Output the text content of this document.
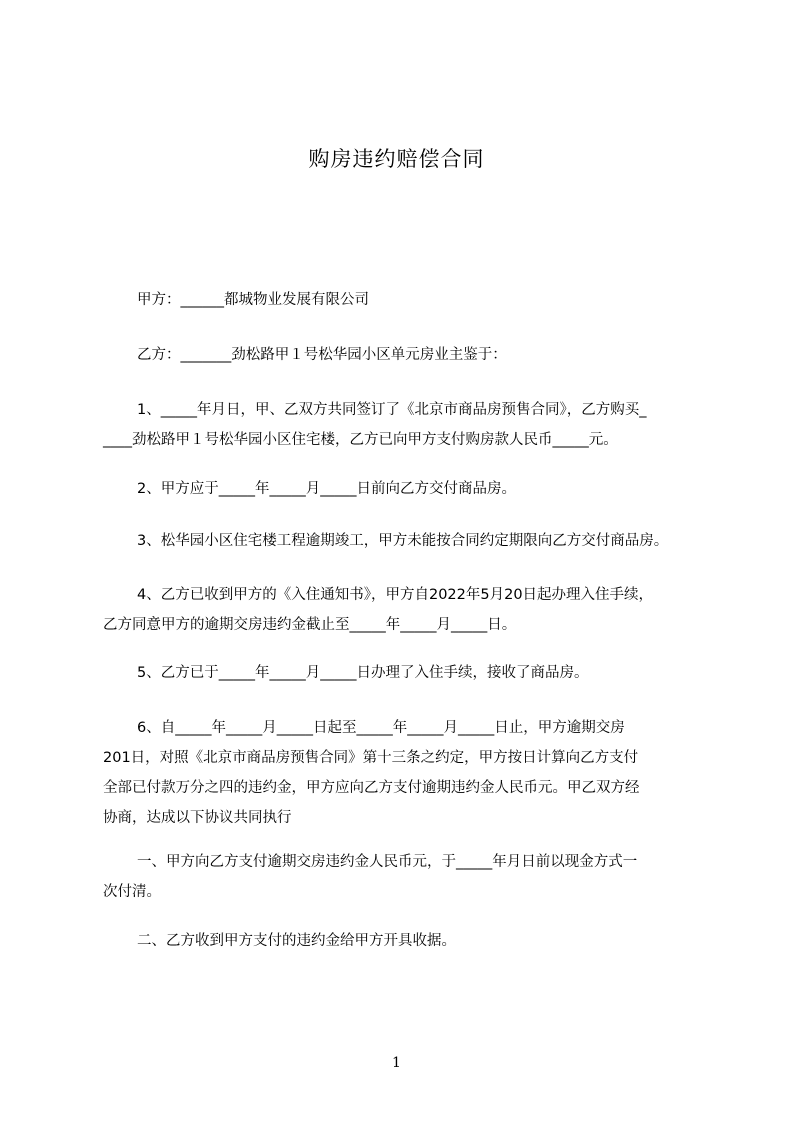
购房违约赔偿合同
甲方：______都城物业发展有限公司
乙方：_______劲松路甲１号松华园小区单元房业主鉴于：
1、_____年月日，甲、乙双方共同签订了《北京市商品房预售合同》，乙方购买_
____劲松路甲１号松华园小区住宅楼，乙方已向甲方支付购房款人民币_____元。
2、甲方应于_____年_____月_____日前向乙方交付商品房。
3、松华园小区住宅楼工程逾期竣工，甲方未能按合同约定期限向乙方交付商品房。
4、乙方已收到甲方的《入住通知书》，甲方自2022年5月20日起办理入住手续，
乙方同意甲方的逾期交房违约金截止至_____年_____月_____日。
5、乙方已于_____年_____月_____日办理了入住手续，接收了商品房。
6、自_____年_____月_____日起至_____年_____月_____日止，甲方逾期交房
201日，对照《北京市商品房预售合同》第十三条之约定，甲方按日计算向乙方支付
全部已付款万分之四的违约金，甲方应向乙方支付逾期违约金人民币元。甲乙双方经
协商，达成以下协议共同执行
一、甲方向乙方支付逾期交房违约金人民币元，于_____年月日前以现金方式一
次付清。
二、乙方收到甲方支付的违约金给甲方开具收据。
1
